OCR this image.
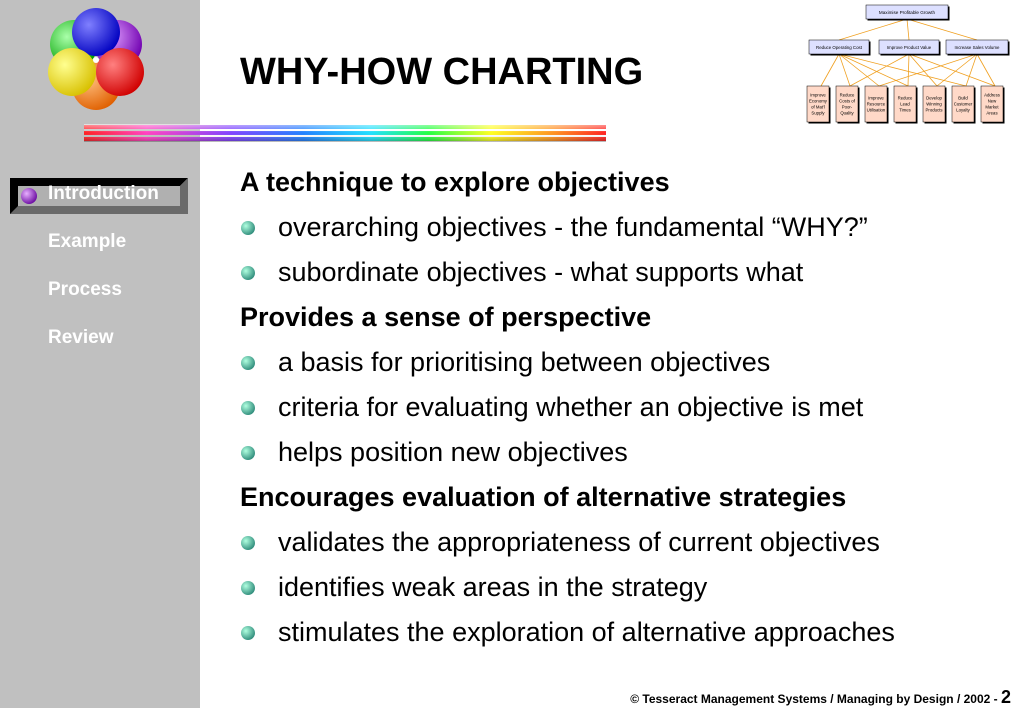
Introduction
Example
Process
Review
WHY-HOW CHARTING
Maximise Profitable Growth
Reduce Operating Cost	Improve Product Value	Increase Sales Volume
Improve
Economy
of Mat'l
Supply
Reduce
Costs of
Poor-
Quality
Improve
Resource
Utilisation
Reduce
Lead
Times
Develop
Winning
Products
Build
Customer
Loyalty
Address
New
Market
Areas
A technique to explore objectives
overarching objectives - the fundamental “WHY?”
subordinate objectives - what supports what
Provides a sense of perspective
a basis for prioritising between objectives
criteria for evaluating whether an objective is met
helps position new objectives
Encourages evaluation of alternative strategies
validates the appropriateness of current objectives
identifies weak areas in the strategy
stimulates the exploration of alternative approaches
© Tesseract Management Systems / Managing by Design / 2002 - 2
